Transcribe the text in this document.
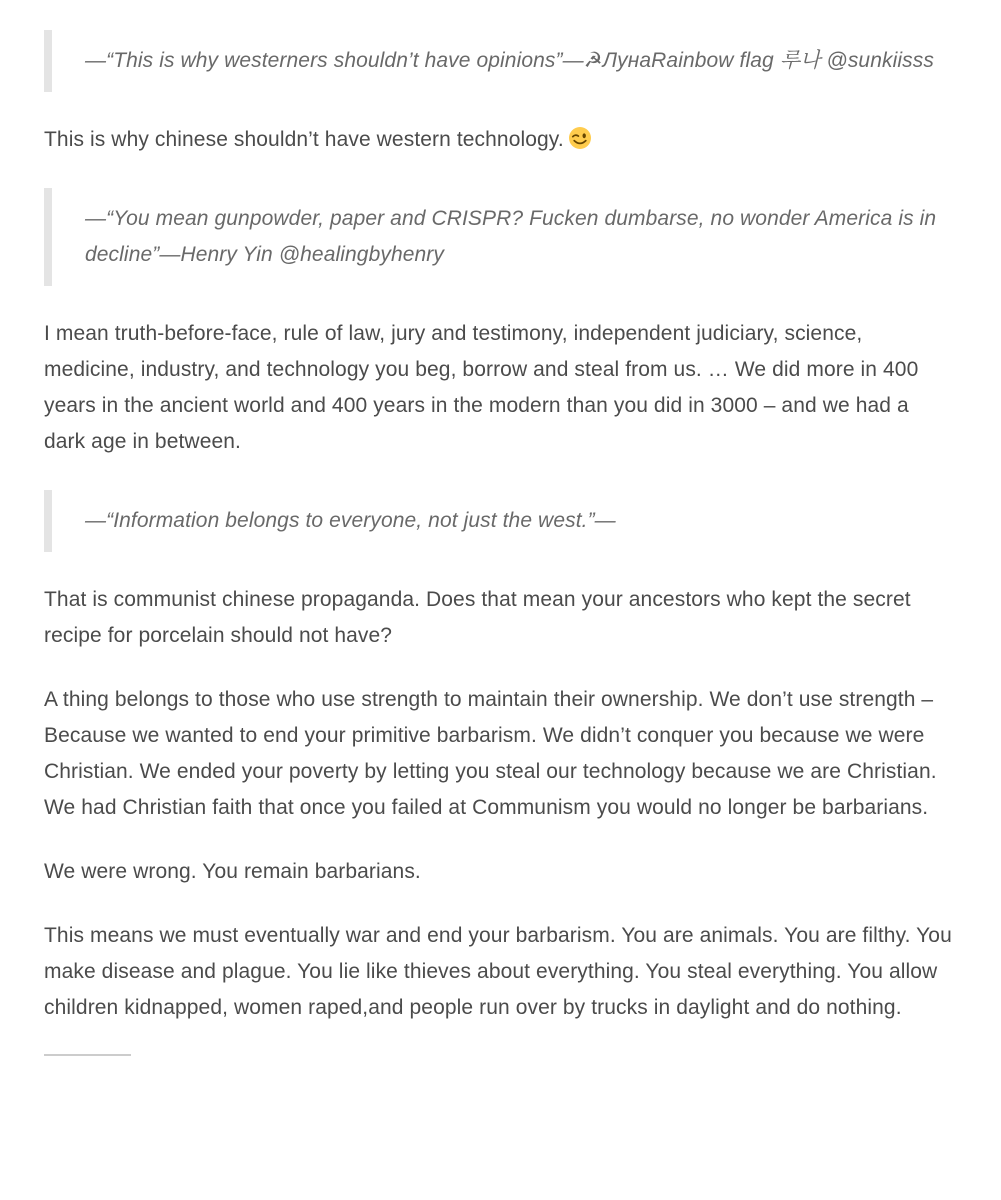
—“This is why westerners shouldn’t have opinions”—☭ЛунаRainbow flag 루나 @sunkiisss

This is why chinese shouldn’t have western technology.

—“You mean gunpowder, paper and CRISPR? Fucken dumbarse, no wonder America is in decline”—Henry Yin @healingbyhenry

I mean truth-before-face, rule of law, jury and testimony, independent judiciary, science, medicine, industry, and technology you beg, borrow and steal from us. … We did more in 400 years in the ancient world and 400 years in the modern than you did in 3000 – and we had a dark age in between.

—“Information belongs to everyone, not just the west.”—

That is communist chinese propaganda. Does that mean your ancestors who kept the secret recipe for porcelain should not have?

A thing belongs to those who use strength to maintain their ownership. We don’t use strength – Because we wanted to end your primitive barbarism. We didn’t conquer you because we were Christian. We ended your poverty by letting you steal our technology because we are Christian. We had Christian faith that once you failed at Communism you would no longer be barbarians.

We were wrong. You remain barbarians.

This means we must eventually war and end your barbarism. You are animals. You are filthy. You make disease and plague. You lie like thieves about everything. You steal everything. You allow children kidnapped, women raped,and people run over by trucks in daylight and do nothing.
